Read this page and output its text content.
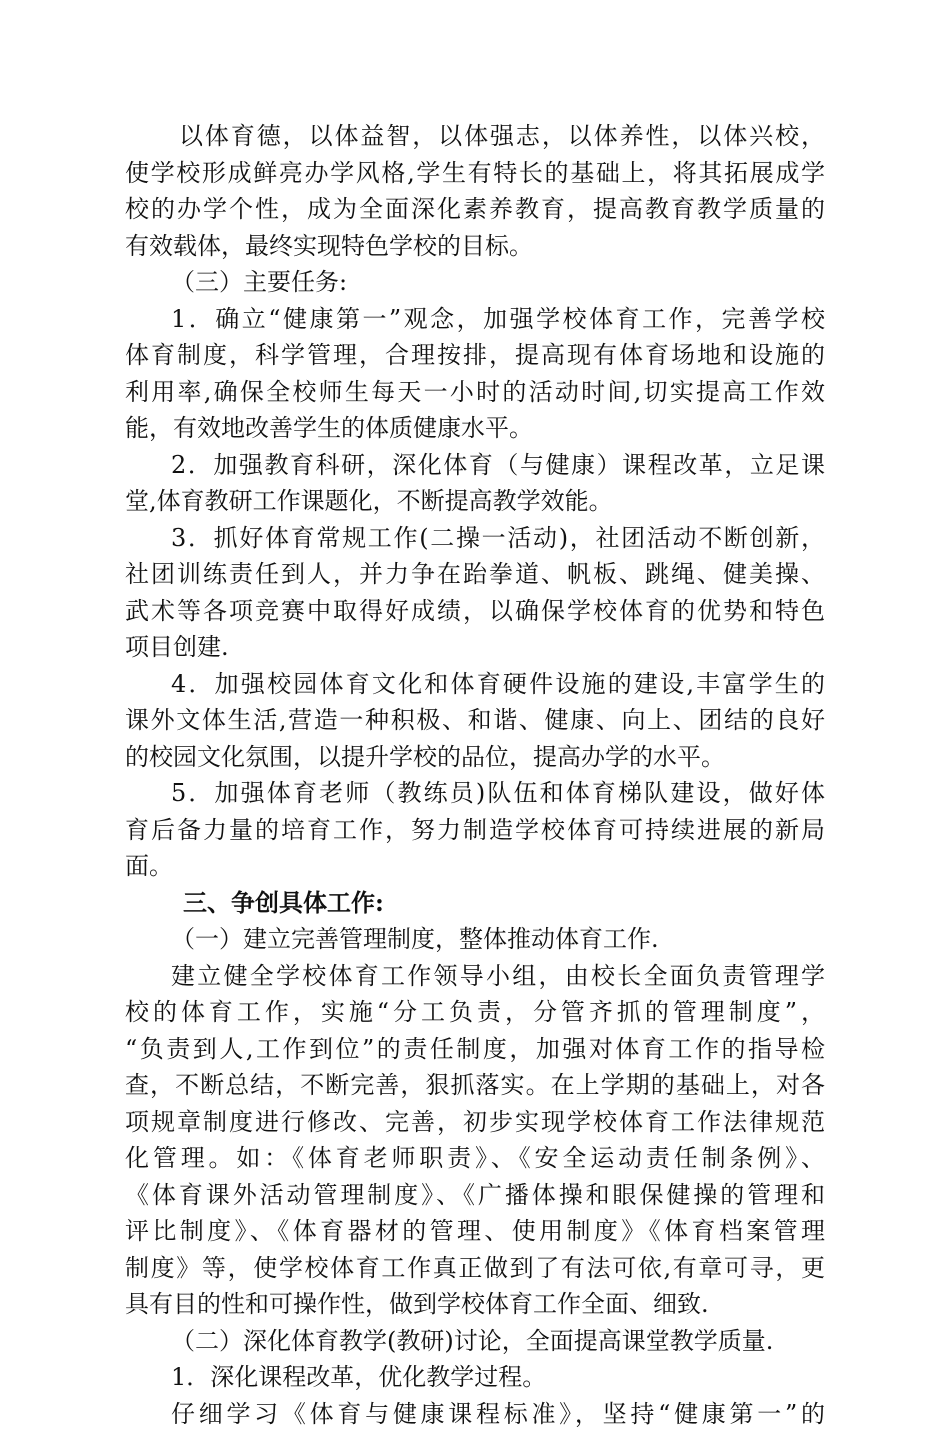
以体育德，以体益智，以体强志，以体养性，以体兴校，
使学校形成鲜亮办学风格,学生有特长的基础上，将其拓展成学
校的办学个性，成为全面深化素养教育，提高教育教学质量的
有效载体，最终实现特色学校的目标。
（三）主要任务:
1．确立“健康第一”观念，加强学校体育工作，完善学校
体育制度，科学管理，合理按排，提高现有体育场地和设施的
利用率,确保全校师生每天一小时的活动时间,切实提高工作效
能，有效地改善学生的体质健康水平。
2．加强教育科研，深化体育（与健康）课程改革，立足课
堂,体育教研工作课题化，不断提高教学效能。
3．抓好体育常规工作(二操一活动)，社团活动不断创新，
社团训练责任到人，并力争在跆拳道、帆板、跳绳、健美操、
武术等各项竞赛中取得好成绩，以确保学校体育的优势和特色
项目创建.
4．加强校园体育文化和体育硬件设施的建设,丰富学生的
课外文体生活,营造一种积极、和谐、健康、向上、团结的良好
的校园文化氛围，以提升学校的品位，提高办学的水平。
5．加强体育老师（教练员)队伍和体育梯队建设，做好体
育后备力量的培育工作，努力制造学校体育可持续进展的新局
面。
三、争创具体工作:
（一）建立完善管理制度，整体推动体育工作.
建立健全学校体育工作领导小组，由校长全面负责管理学
校的体育工作，实施“分工负责，分管齐抓的管理制度”，
“负责到人,工作到位”的责任制度，加强对体育工作的指导检
查，不断总结，不断完善，狠抓落实。在上学期的基础上，对各
项规章制度进行修改、完善，初步实现学校体育工作法律规范
化管理。如：《体育老师职责》、《安全运动责任制条例》、
《体育课外活动管理制度》、《广播体操和眼保健操的管理和
评比制度》、《体育器材的管理、使用制度》《体育档案管理
制度》等，使学校体育工作真正做到了有法可依,有章可寻，更
具有目的性和可操作性，做到学校体育工作全面、细致.
（二）深化体育教学(教研)讨论，全面提高课堂教学质量.
1．深化课程改革，优化教学过程。
仔细学习《体育与健康课程标准》，坚持“健康第一”的
